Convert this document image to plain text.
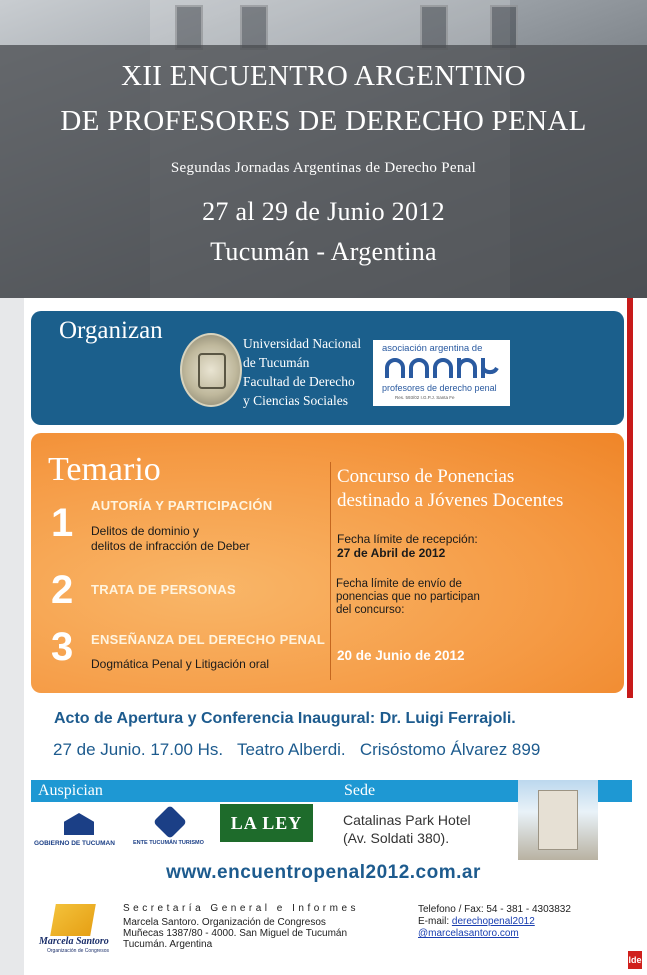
XII ENCUENTRO ARGENTINO
DE PROFESORES DE DERECHO PENAL
Segundas Jornadas Argentinas de Derecho Penal
27 al 29 de Junio 2012
Tucumán - Argentina
Organizan	Universidad Nacional
de Tucumán
Facultad de Derecho
y Ciencias Sociales
asociación argentina de
profesores de derecho penal
Res. 593/02 I.G.P.J. Santa Fe
Temario
1 AUTORÍA Y PARTICIPACIÓN
Delitos de dominio y
delitos de infracción de Deber
2 TRATA DE PERSONAS
3 ENSEÑANZA DEL DERECHO PENAL
Dogmática Penal y Litigación oral
Concurso de Ponencias
destinado a Jóvenes Docentes
Fecha límite de recepción:
27 de Abril de 2012
Fecha límite de envío de
ponencias que no participan
del concurso:
20 de Junio de 2012
Acto de Apertura y Conferencia Inaugural: Dr. Luigi Ferrajoli.
27 de Junio. 17.00 Hs.   Teatro Alberdi.   Crisóstomo Álvarez 899
Auspician	Sede
GOBIERNO DE TUCUMAN	ENTE TUCUMÁN TURISMO
LA LEY	Catalinas Park Hotel
(Av. Soldati 380).
www.encuentropenal2012.com.ar
Marcela Santoro
Organización de Congresos
Secretaría General e Informes
Marcela Santoro. Organización de Congresos
Muñecas 1387/80 - 4000. San Miguel de Tucumán
Tucumán. Argentina
Telefono / Fax: 54 - 381 - 4303832
E-mail: derechopenal2012
@marcelasantoro.com
lde
